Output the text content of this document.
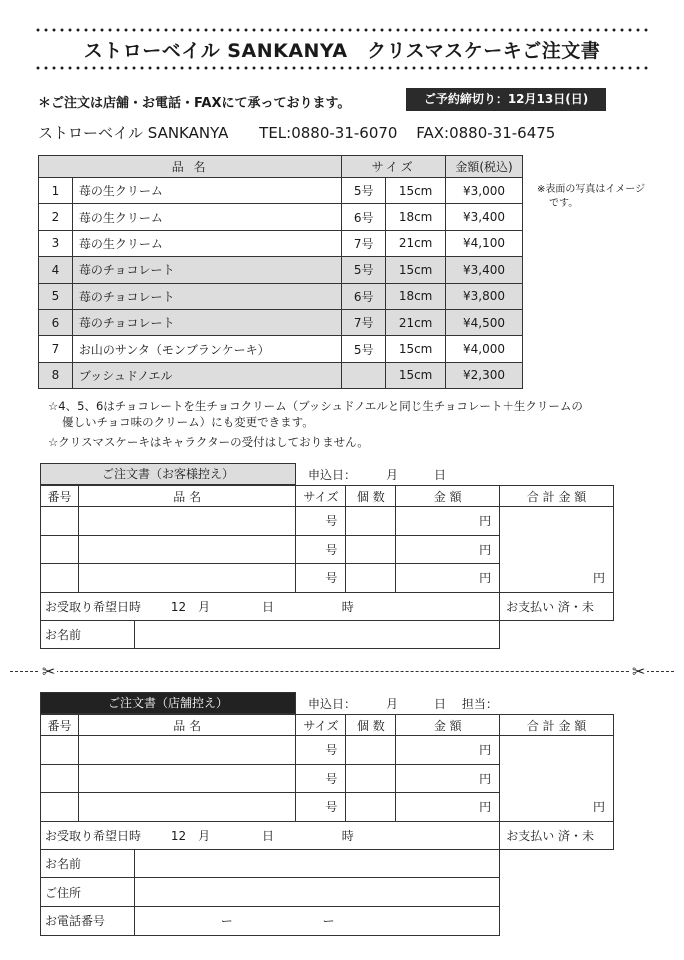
ストローベイル SANKANYA　クリスマスケーキご注文書
＊ご注文は店舗・お電話・FAXにて承っております。	ご予約締切り：12月13日(日)
ストローベイル SANKANYA TEL:0880-31-6070 FAX:0880-31-6475
品 名		サイズ		金額(税込)
1	苺の生クリーム	5号	15cm	¥3,000
2	苺の生クリーム	6号	18cm	¥3,400
3	苺の生クリーム	7号	21cm	¥4,100
4	苺のチョコレート	5号	15cm	¥3,400
5	苺のチョコレート	6号	18cm	¥3,800
6	苺のチョコレート	7号	21cm	¥4,500
7	お山のサンタ（モンブランケーキ）	5号	15cm	¥4,000
8	ブッシュドノエル		15cm	¥2,300
※表面の写真はイメージ
です。

☆4、5、6はチョコレートを生チョコクリーム（ブッシュドノエルと同じ生チョコレート＋生クリームの
優しいチョコ味のクリーム）にも変更できます。

☆クリスマスケーキはキャラクターの受付はしておりません。

ご注文書（お客様控え）	申込日：　　　月　　　日
番号	品 名		サイズ	個 数	金 額	合 計 金 額
			号		円	円
			号		円	
			号		円	
お受取り希望日時 12　月 日 時						お支払い 済・未
お名前						
✂	✂
ご注文書（店舗控え）	申込日：　　　月　　　日　 担当：
番号	品 名		サイズ	個 数	金 額	合 計 金 額
			号		円	円
			号		円	
			号		円	
お受取り希望日時 12　月 日 時						お支払い 済・未
お名前						
ご住所						
お電話番号		ー ー				
